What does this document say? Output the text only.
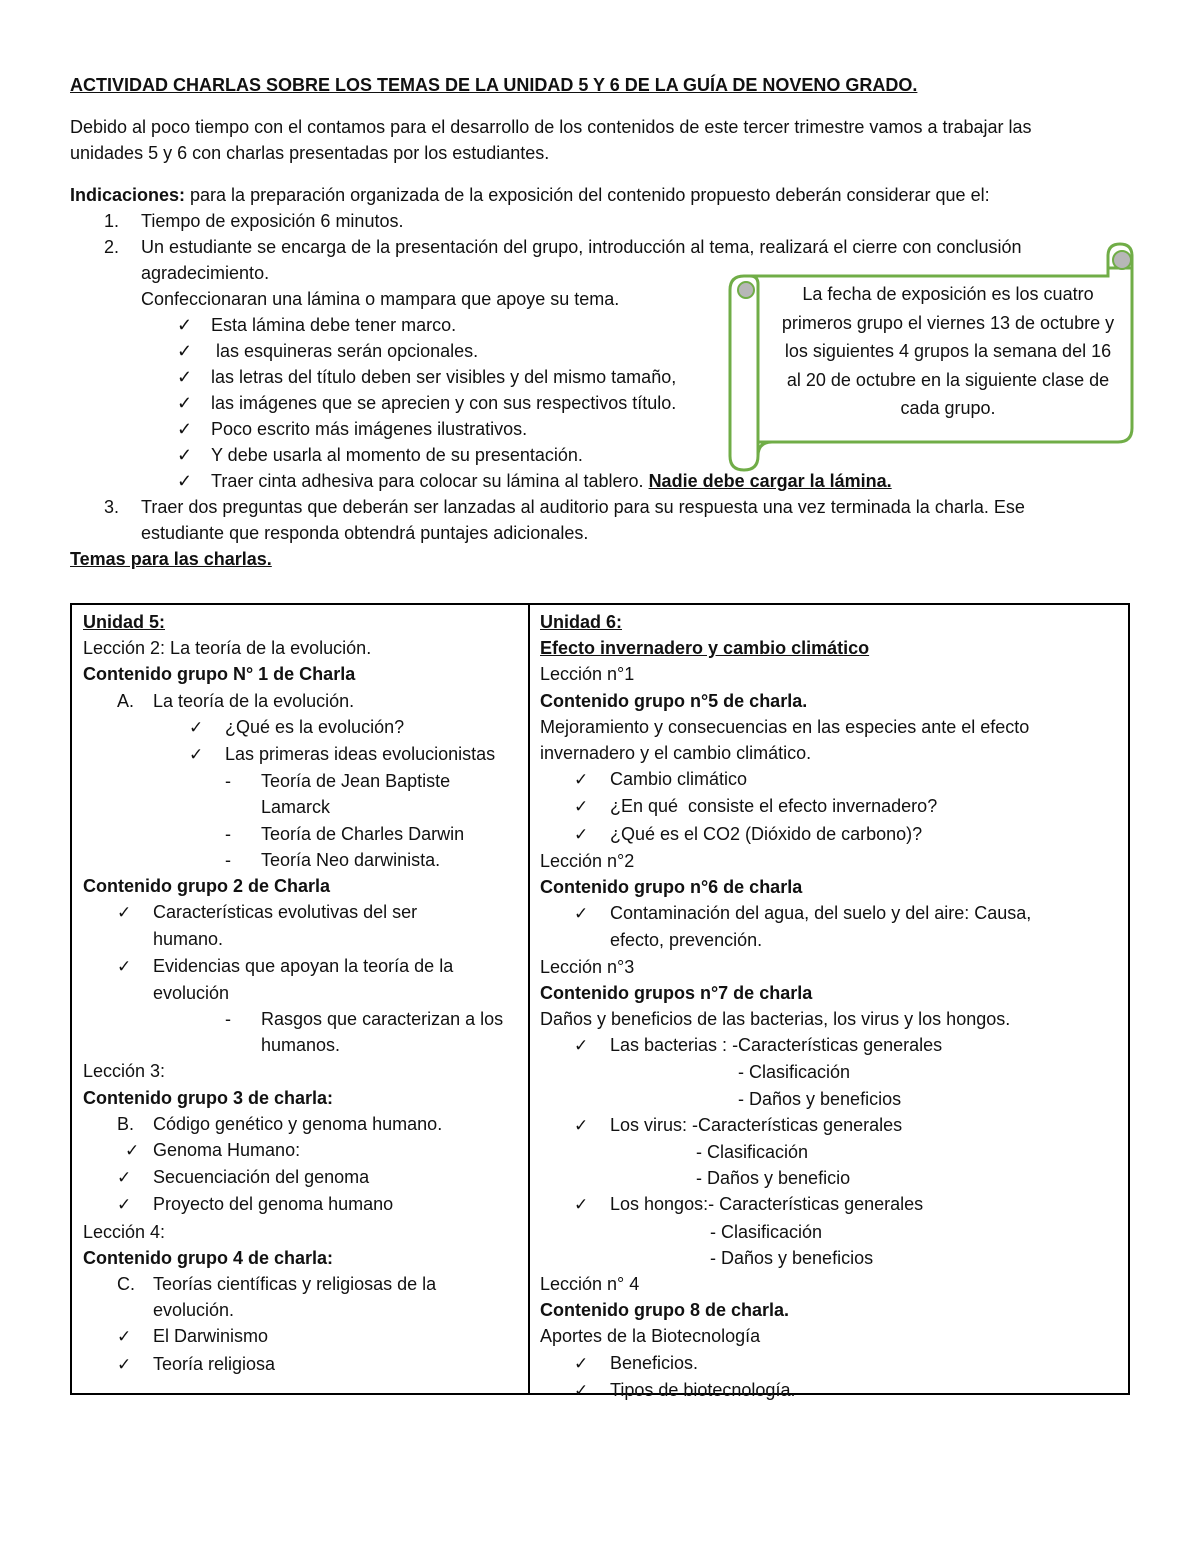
ACTIVIDAD CHARLAS SOBRE LOS TEMAS DE LA UNIDAD 5 Y 6 DE LA GUÍA DE NOVENO GRADO.

Debido al poco tiempo con el contamos para el desarrollo de los contenidos de este tercer trimestre vamos a trabajar las
unidades 5 y 6 con charlas presentadas por los estudiantes.

Indicaciones: para la preparación organizada de la exposición del contenido propuesto deberán considerar que el:

1. Tiempo de exposición 6 minutos.
2. Un estudiante se encarga de la presentación del grupo, introducción al tema, realizará el cierre con conclusión
agradecimiento.
Confeccionaran una lámina o mampara que apoye su tema.
✓ Esta lámina debe tener marco.
✓ las esquineras serán opcionales.
✓ las letras del título deben ser visibles y del mismo tamaño,
✓ las imágenes que se aprecien y con sus respectivos título.
✓ Poco escrito más imágenes ilustrativos.
✓ Y debe usarla al momento de su presentación.
✓ Traer cinta adhesiva para colocar su lámina al tablero. Nadie debe cargar la lámina.
3. Traer dos preguntas que deberán ser lanzadas al auditorio para su respuesta una vez terminada la charla. Ese
estudiante que responda obtendrá puntajes adicionales.

Temas para las charlas.

La fecha de exposición es los cuatro primeros grupo el viernes 13 de octubre y los siguientes 4 grupos la semana del 16 al 20 de octubre en la siguiente clase de cada grupo.

Unidad 5:

Lección 2: La teoría de la evolución.

Contenido grupo N° 1 de Charla

A. La teoría de la evolución.

✓ ¿Qué es la evolución?

✓ Las primeras ideas evolucionistas

- Teoría de Jean Baptiste

Lamarck

- Teoría de Charles Darwin

- Teoría Neo darwinista.

Contenido grupo 2 de Charla

✓ Características evolutivas del ser

humano.

✓ Evidencias que apoyan la teoría de la

evolución

- Rasgos que caracterizan a los

humanos.

Lección 3:

Contenido grupo 3 de charla:

B. Código genético y genoma humano.

✓ Genoma Humano:

✓ Secuenciación del genoma

✓ Proyecto del genoma humano

Lección 4:

Contenido grupo 4 de charla:

C. Teorías científicas y religiosas de la

evolución.

✓ El Darwinismo

✓ Teoría religiosa

Unidad 6:

Efecto invernadero y cambio climático

Lección n°1

Contenido grupo n°5 de charla.

Mejoramiento y consecuencias en las especies ante el efecto

invernadero y el cambio climático.

✓ Cambio climático

✓ ¿En qué  consiste el efecto invernadero?

✓ ¿Qué es el CO2 (Dióxido de carbono)?

Lección n°2

Contenido grupo n°6 de charla

✓ Contaminación del agua, del suelo y del aire: Causa,

efecto, prevención.

Lección n°3

Contenido grupos n°7 de charla

Daños y beneficios de las bacterias, los virus y los hongos.

✓ Las bacterias : -Características generales

- Clasificación

- Daños y beneficios

✓ Los virus: -Características generales

- Clasificación

- Daños y beneficio

✓ Los hongos:- Características generales

- Clasificación

- Daños y beneficios

Lección n° 4

Contenido grupo 8 de charla.

Aportes de la Biotecnología

✓ Beneficios.

✓ Tipos de biotecnología.
